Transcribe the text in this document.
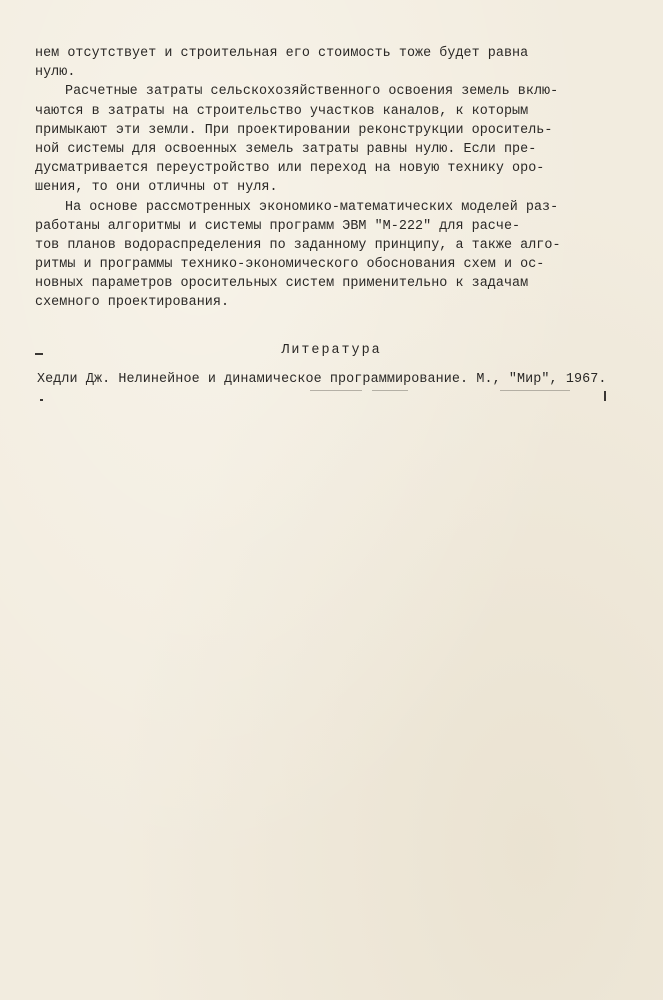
нем отсутствует и строительная его стоимость тоже будет равна
нулю.
Расчетные затраты сельскохозяйственного освоения земель вклю-
чаются в затраты на строительство участков каналов, к которым
примыкают эти земли. При проектировании реконструкции ороситель-
ной системы для освоенных земель затраты равны нулю. Если пре-
дусматривается переустройство или переход на новую технику оро-
шения, то они отличны от нуля.
На основе рассмотренных экономико-математических моделей раз-
работаны алгоритмы и системы программ ЭВМ "М-222" для расче-
тов планов водораспределения по заданному принципу, а также алго-
ритмы и программы технико-экономического обоснования схем и ос-
новных параметров оросительных систем применительно к задачам
схемного проектирования.
Литература
Хедли Дж. Нелинейное и динамическое программирование. М., "Мир", 1967.
